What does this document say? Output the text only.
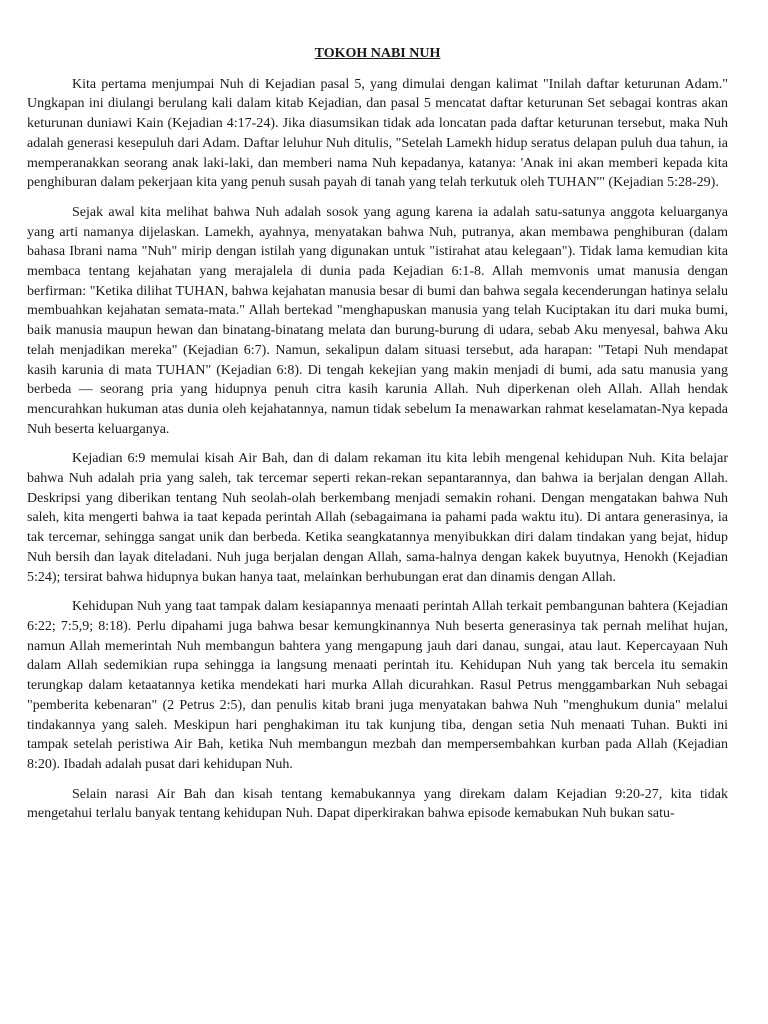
TOKOH NABI NUH

Kita pertama menjumpai Nuh di Kejadian pasal 5, yang dimulai dengan kalimat "Inilah daftar keturunan Adam." Ungkapan ini diulangi berulang kali dalam kitab Kejadian, dan pasal 5 mencatat daftar keturunan Set sebagai kontras akan keturunan duniawi Kain (Kejadian 4:17-24). Jika diasumsikan tidak ada loncatan pada daftar keturunan tersebut, maka Nuh adalah generasi kesepuluh dari Adam. Daftar leluhur Nuh ditulis, "Setelah Lamekh hidup seratus delapan puluh dua tahun, ia memperanakkan seorang anak laki-laki, dan memberi nama Nuh kepadanya, katanya: 'Anak ini akan memberi kepada kita penghiburan dalam pekerjaan kita yang penuh susah payah di tanah yang telah terkutuk oleh TUHAN'" (Kejadian 5:28-29).

Sejak awal kita melihat bahwa Nuh adalah sosok yang agung karena ia adalah satu-satunya anggota keluarganya yang arti namanya dijelaskan. Lamekh, ayahnya, menyatakan bahwa Nuh, putranya, akan membawa penghiburan (dalam bahasa Ibrani nama "Nuh" mirip dengan istilah yang digunakan untuk "istirahat atau kelegaan"). Tidak lama kemudian kita membaca tentang kejahatan yang merajalela di dunia pada Kejadian 6:1-8. Allah memvonis umat manusia dengan berfirman: "Ketika dilihat TUHAN, bahwa kejahatan manusia besar di bumi dan bahwa segala kecenderungan hatinya selalu membuahkan kejahatan semata-mata." Allah bertekad "menghapuskan manusia yang telah Kuciptakan itu dari muka bumi, baik manusia maupun hewan dan binatang-binatang melata dan burung-burung di udara, sebab Aku menyesal, bahwa Aku telah menjadikan mereka" (Kejadian 6:7). Namun, sekalipun dalam situasi tersebut, ada harapan: "Tetapi Nuh mendapat kasih karunia di mata TUHAN" (Kejadian 6:8). Di tengah kekejian yang makin menjadi di bumi, ada satu manusia yang berbeda — seorang pria yang hidupnya penuh citra kasih karunia Allah. Nuh diperkenan oleh Allah. Allah hendak mencurahkan hukuman atas dunia oleh kejahatannya, namun tidak sebelum Ia menawarkan rahmat keselamatan-Nya kepada Nuh beserta keluarganya.

Kejadian 6:9 memulai kisah Air Bah, dan di dalam rekaman itu kita lebih mengenal kehidupan Nuh. Kita belajar bahwa Nuh adalah pria yang saleh, tak tercemar seperti rekan-rekan sepantarannya, dan bahwa ia berjalan dengan Allah. Deskripsi yang diberikan tentang Nuh seolah-olah berkembang menjadi semakin rohani. Dengan mengatakan bahwa Nuh saleh, kita mengerti bahwa ia taat kepada perintah Allah (sebagaimana ia pahami pada waktu itu). Di antara generasinya, ia tak tercemar, sehingga sangat unik dan berbeda. Ketika seangkatannya menyibukkan diri dalam tindakan yang bejat, hidup Nuh bersih dan layak diteladani. Nuh juga berjalan dengan Allah, sama-halnya dengan kakek buyutnya, Henokh (Kejadian 5:24); tersirat bahwa hidupnya bukan hanya taat, melainkan berhubungan erat dan dinamis dengan Allah.

Kehidupan Nuh yang taat tampak dalam kesiapannya menaati perintah Allah terkait pembangunan bahtera (Kejadian 6:22; 7:5,9; 8:18). Perlu dipahami juga bahwa besar kemungkinannya Nuh beserta generasinya tak pernah melihat hujan, namun Allah memerintah Nuh membangun bahtera yang mengapung jauh dari danau, sungai, atau laut. Kepercayaan Nuh dalam Allah sedemikian rupa sehingga ia langsung menaati perintah itu. Kehidupan Nuh yang tak bercela itu semakin terungkap dalam ketaatannya ketika mendekati hari murka Allah dicurahkan. Rasul Petrus menggambarkan Nuh sebagai "pemberita kebenaran" (2 Petrus 2:5), dan penulis kitab brani juga menyatakan bahwa Nuh "menghukum dunia" melalui tindakannya yang saleh. Meskipun hari penghakiman itu tak kunjung tiba, dengan setia Nuh menaati Tuhan. Bukti ini tampak setelah peristiwa Air Bah, ketika Nuh membangun mezbah dan mempersembahkan kurban pada Allah (Kejadian 8:20). Ibadah adalah pusat dari kehidupan Nuh.

Selain narasi Air Bah dan kisah tentang kemabukannya yang direkam dalam Kejadian 9:20-27, kita tidak mengetahui terlalu banyak tentang kehidupan Nuh. Dapat diperkirakan bahwa episode kemabukan Nuh bukan satu-
